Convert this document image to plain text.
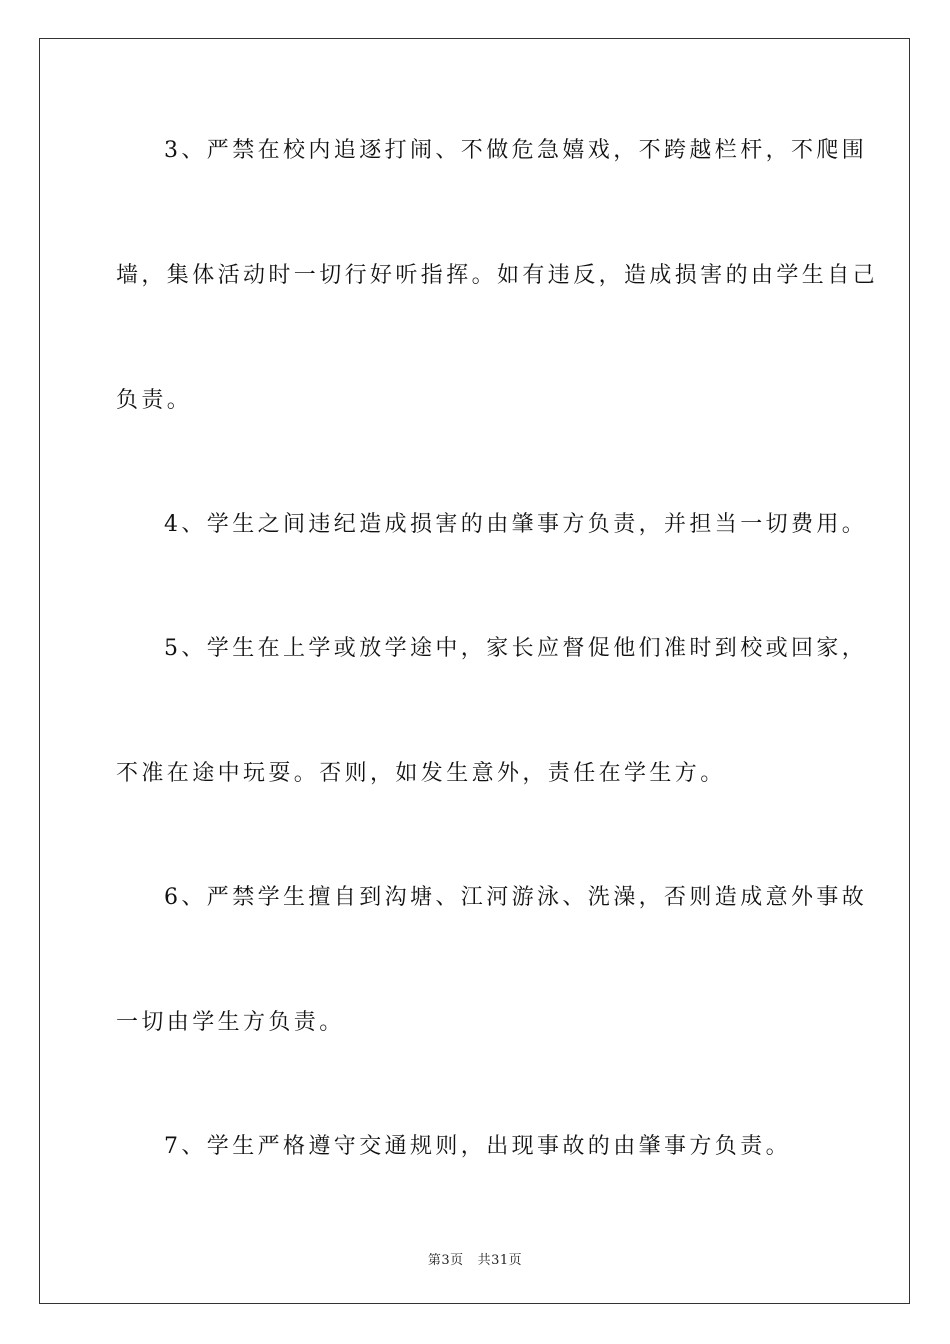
3、严禁在校内追逐打闹、不做危急嬉戏，不跨越栏杆，不爬围
墙，集体活动时一切行好听指挥。如有违反，造成损害的由学生自己
负责。
4、学生之间违纪造成损害的由肇事方负责，并担当一切费用。
5、学生在上学或放学途中，家长应督促他们准时到校或回家，
不准在途中玩耍。否则，如发生意外，责任在学生方。
6、严禁学生擅自到沟塘、江河游泳、洗澡，否则造成意外事故
一切由学生方负责。
7、学生严格遵守交通规则，出现事故的由肇事方负责。
第3页 共31页
